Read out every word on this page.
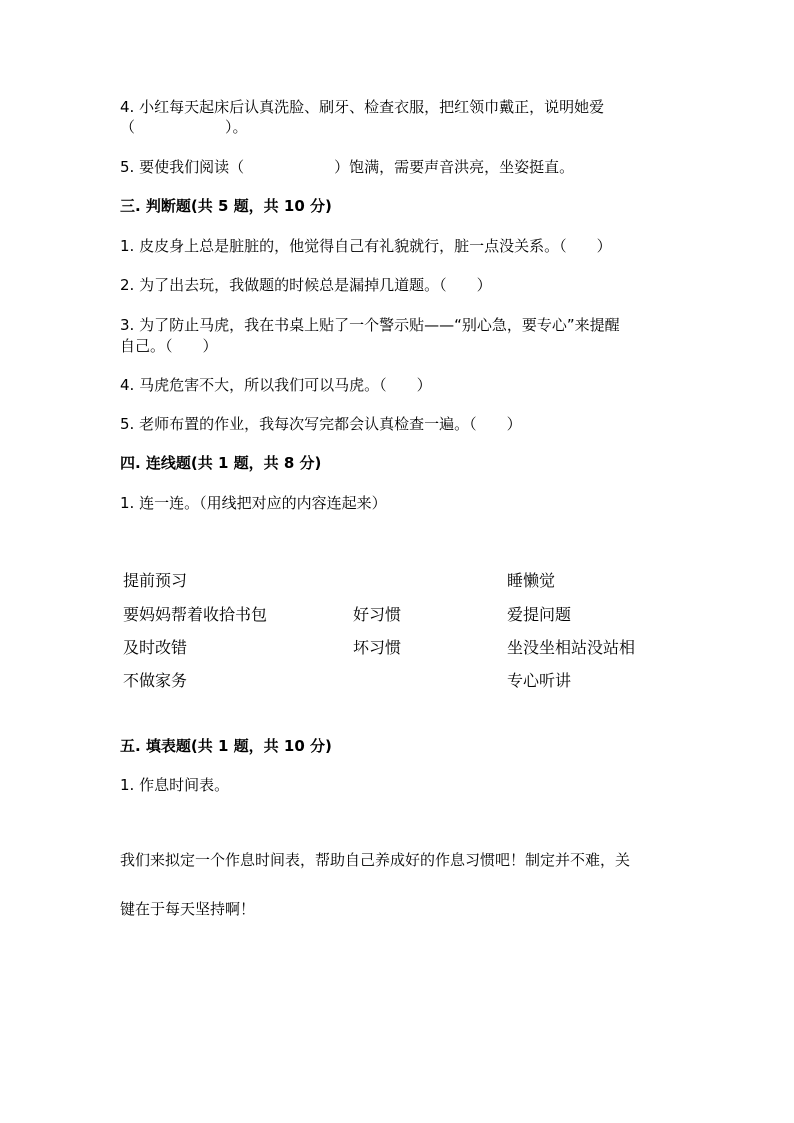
4. 小红每天起床后认真洗脸、刷牙、检查衣服，把红领巾戴正，说明她爱
（　　　　　　）。
5. 要使我们阅读（　　　　　　）饱满，需要声音洪亮，坐姿挺直。
三. 判断题(共 5 题，共 10 分)
1. 皮皮身上总是脏脏的，他觉得自己有礼貌就行，脏一点没关系。（　　）
2. 为了出去玩，我做题的时候总是漏掉几道题。（　　）
3. 为了防止马虎，我在书桌上贴了一个警示贴——“别心急，要专心”来提醒
自己。（　　）
4. 马虎危害不大，所以我们可以马虎。（　　）
5. 老师布置的作业，我每次写完都会认真检查一遍。（　　）
四. 连线题(共 1 题，共 8 分)
1. 连一连。（用线把对应的内容连起来）
提前预习
要妈妈帮着收拾书包
及时改错
不做家务
好习惯
坏习惯
睡懒觉
爱提问题
坐没坐相站没站相
专心听讲
五. 填表题(共 1 题，共 10 分)
1. 作息时间表。
我们来拟定一个作息时间表，帮助自己养成好的作息习惯吧！制定并不难，关
键在于每天坚持啊！
